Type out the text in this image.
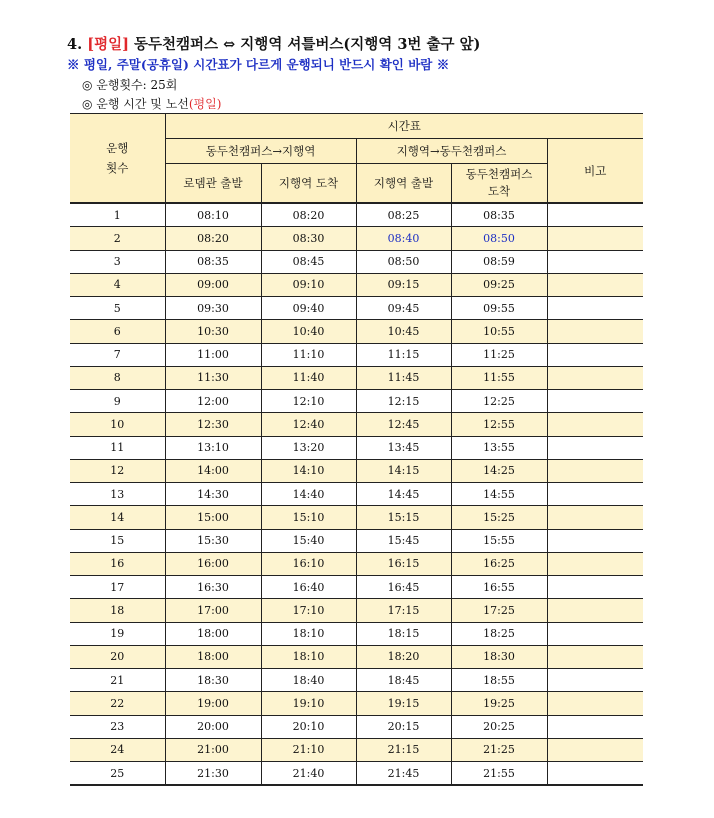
4. [평일] 동두천캠퍼스 ⇔ 지행역 셔틀버스(지행역 3번 출구 앞)
※ 평일, 주말(공휴일) 시간표가 다르게 운행되니 반드시 확인 바람 ※
◎ 운행횟수: 25회
◎ 운행 시간 및 노선(평일)
운행
횟수	시간표				
	동두천캠퍼스→지행역		지행역→동두천캠퍼스		비고
	로뎀관 출발	지행역 도착	지행역 출발	동두천캠퍼스
도착	
1	08:10	08:20	08:25	08:35	
2	08:20	08:30	08:40	08:50	
3	08:35	08:45	08:50	08:59	
4	09:00	09:10	09:15	09:25	
5	09:30	09:40	09:45	09:55	
6	10:30	10:40	10:45	10:55	
7	11:00	11:10	11:15	11:25	
8	11:30	11:40	11:45	11:55	
9	12:00	12:10	12:15	12:25	
10	12:30	12:40	12:45	12:55	
11	13:10	13:20	13:45	13:55	
12	14:00	14:10	14:15	14:25	
13	14:30	14:40	14:45	14:55	
14	15:00	15:10	15:15	15:25	
15	15:30	15:40	15:45	15:55	
16	16:00	16:10	16:15	16:25	
17	16:30	16:40	16:45	16:55	
18	17:00	17:10	17:15	17:25	
19	18:00	18:10	18:15	18:25	
20	18:00	18:10	18:20	18:30	
21	18:30	18:40	18:45	18:55	
22	19:00	19:10	19:15	19:25	
23	20:00	20:10	20:15	20:25	
24	21:00	21:10	21:15	21:25	
25	21:30	21:40	21:45	21:55	
